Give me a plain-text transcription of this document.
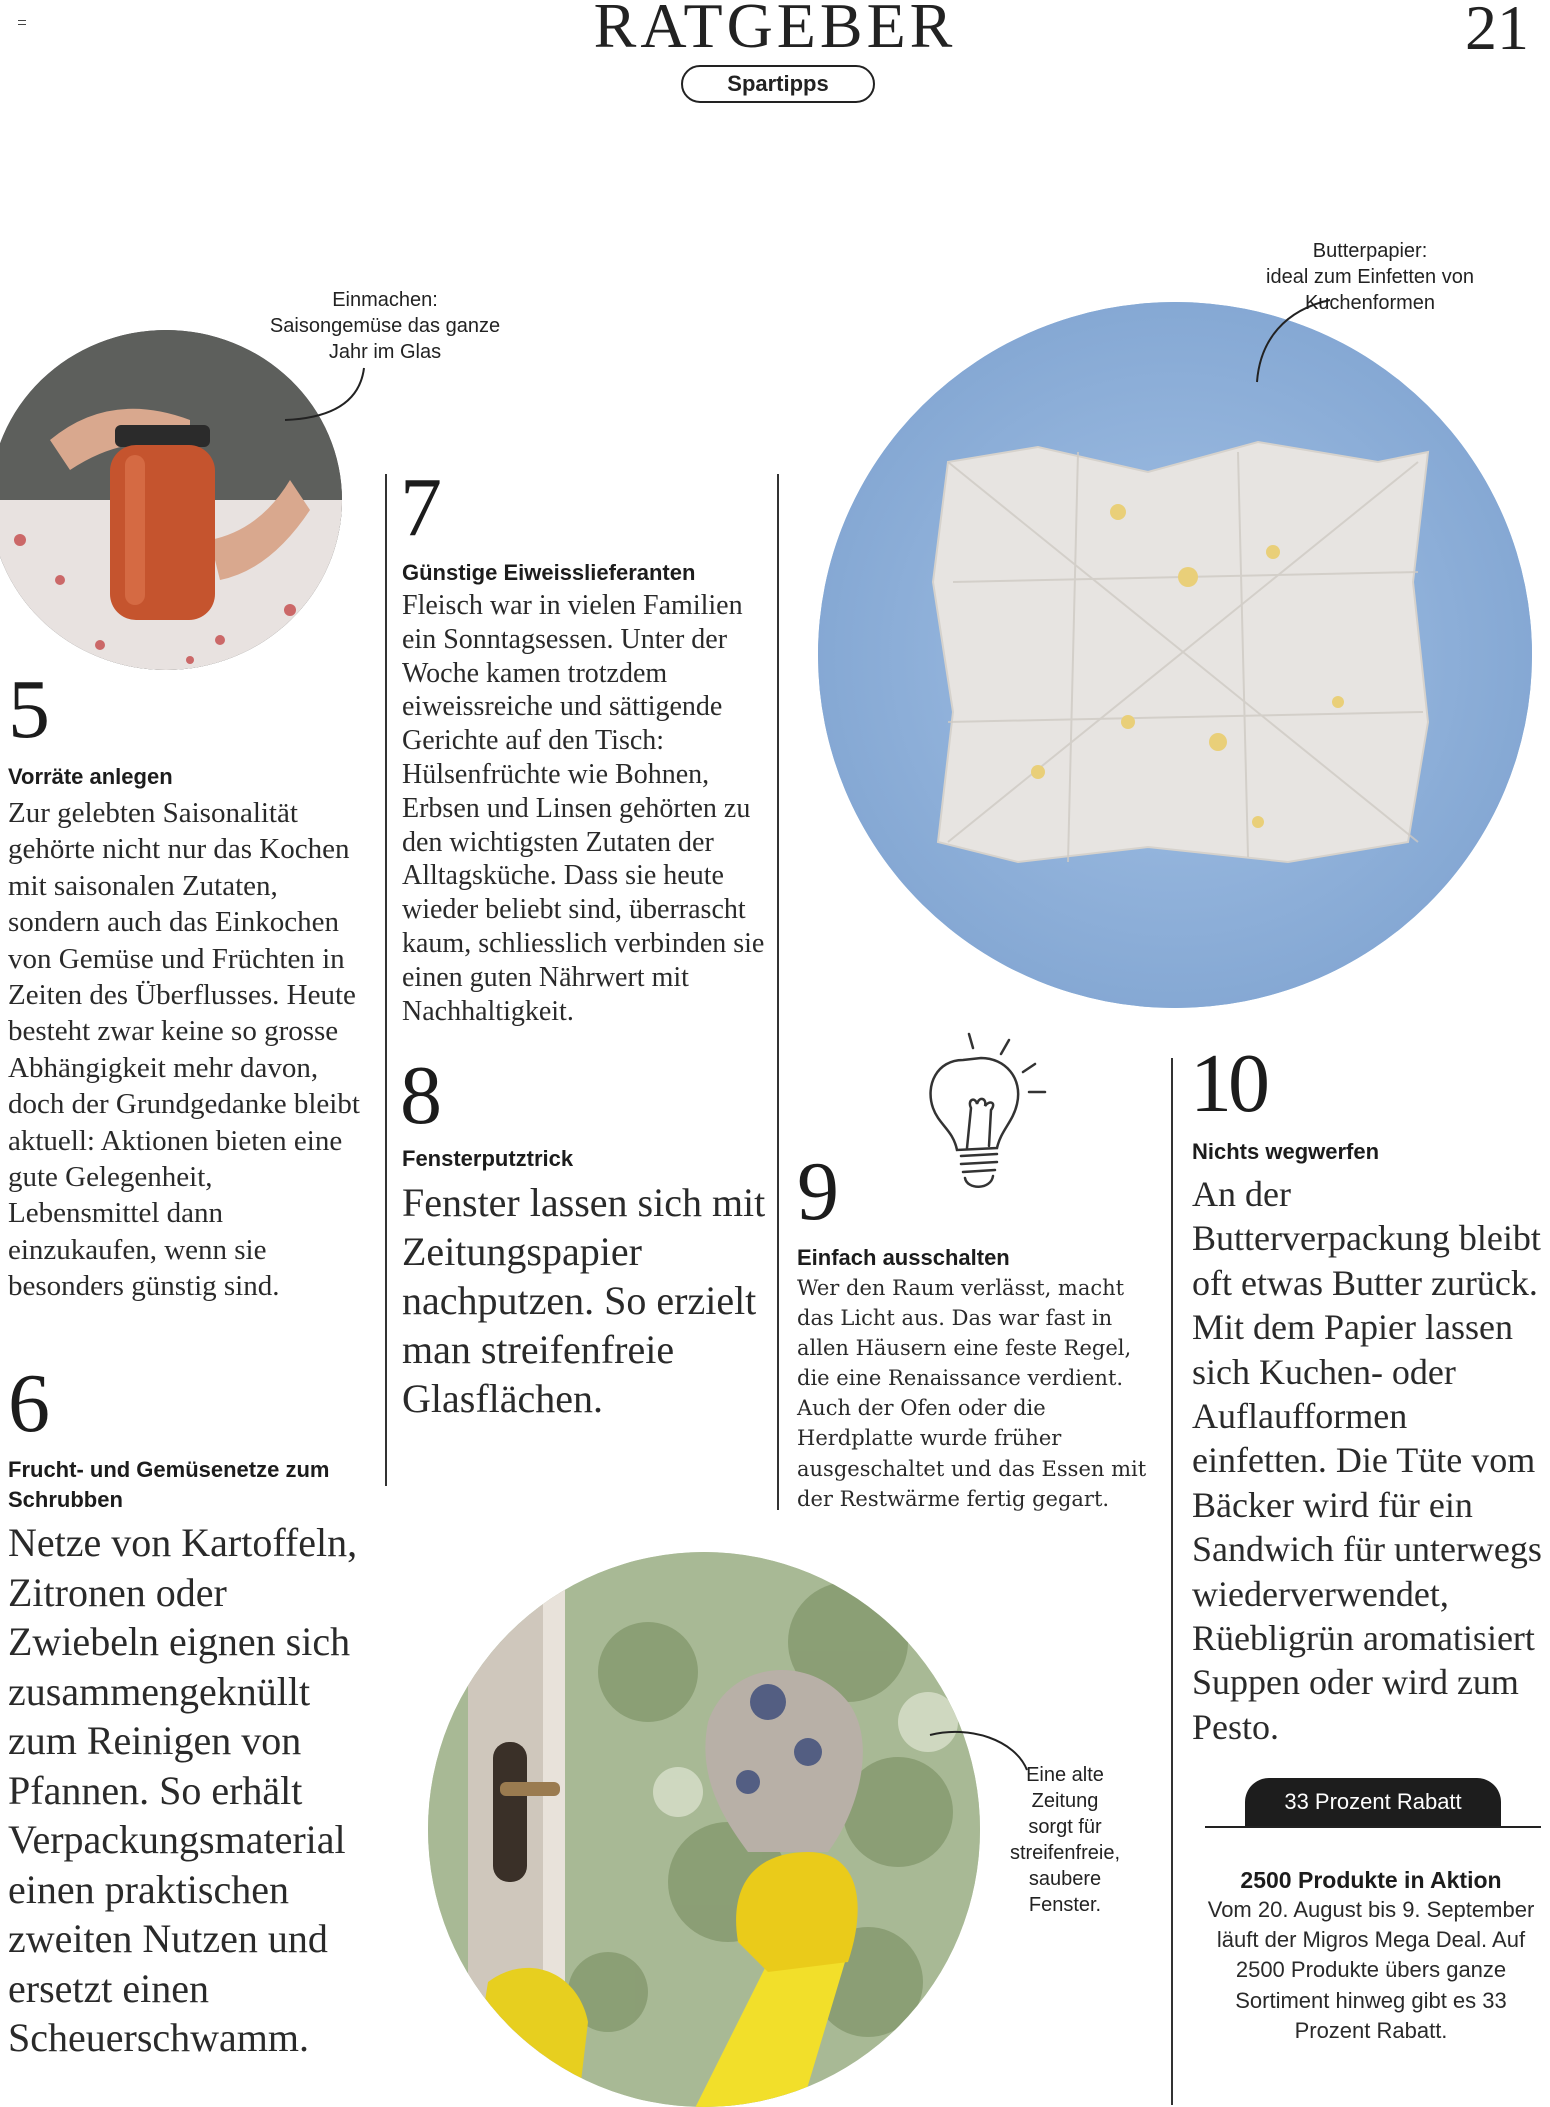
RATGEBER
Spartipps
21
Einmachen:
Saisongemüse das ganze
Jahr im Glas
Butterpapier:
ideal zum Einfetten von
Kuchenformen
5
Vorräte anlegen
Zur gelebten Saisonalität gehörte nicht nur das Kochen mit saisonalen Zutaten, sondern auch das Einkochen von Gemüse und Früchten in Zeiten des Überflusses. Heute besteht zwar keine so grosse Abhängigkeit mehr davon, doch der Grundgedanke bleibt aktuell: Aktionen bieten eine gute Gelegenheit, Lebensmittel dann einzukaufen, wenn sie besonders günstig sind.
6
Frucht- und Gemüsenetze zum Schrubben
Netze von Kartoffeln, Zitronen oder Zwiebeln eignen sich zusammengeknüllt zum Reinigen von Pfannen. So erhält Verpackungsmaterial einen praktischen zweiten Nutzen und ersetzt einen Scheuerschwamm.
7
Günstige Eiweisslieferanten
Fleisch war in vielen Familien ein Sonntagsessen. Unter der Woche kamen trotzdem eiweissreiche und sättigende Gerichte auf den Tisch: Hülsenfrüchte wie Bohnen, Erbsen und Linsen gehörten zu den wichtigsten Zutaten der Alltagsküche. Dass sie heute wieder beliebt sind, überrascht kaum, schliesslich verbinden sie einen guten Nährwert mit Nachhaltigkeit.
8
Fensterputztrick
Fenster lassen sich mit Zeitungspapier nachputzen. So erzielt man streifenfreie Glasflächen.
9
Einfach ausschalten
Wer den Raum verlässt, macht das Licht aus. Das war fast in allen Häusern eine feste Regel, die eine Renaissance verdient. Auch der Ofen oder die Herdplatte wurde früher ausgeschaltet und das Essen mit der Restwärme fertig gegart.
10
Nichts wegwerfen
An der Butterverpackung bleibt oft etwas Butter zurück. Mit dem Papier lassen sich Kuchen- oder Auflaufformen einfetten. Die Tüte vom Bäcker wird für ein Sandwich für unterwegs wiederverwendet, Rüebligrün aromatisiert Suppen oder wird zum Pesto.
Eine alte
Zeitung
sorgt für
streifenfreie,
saubere
Fenster.
33 Prozent Rabatt
2500 Produkte in Aktion
Vom 20. August bis 9. September läuft der Migros Mega Deal. Auf 2500 Produkte übers ganze Sortiment hinweg gibt es 33 Prozent Rabatt.
